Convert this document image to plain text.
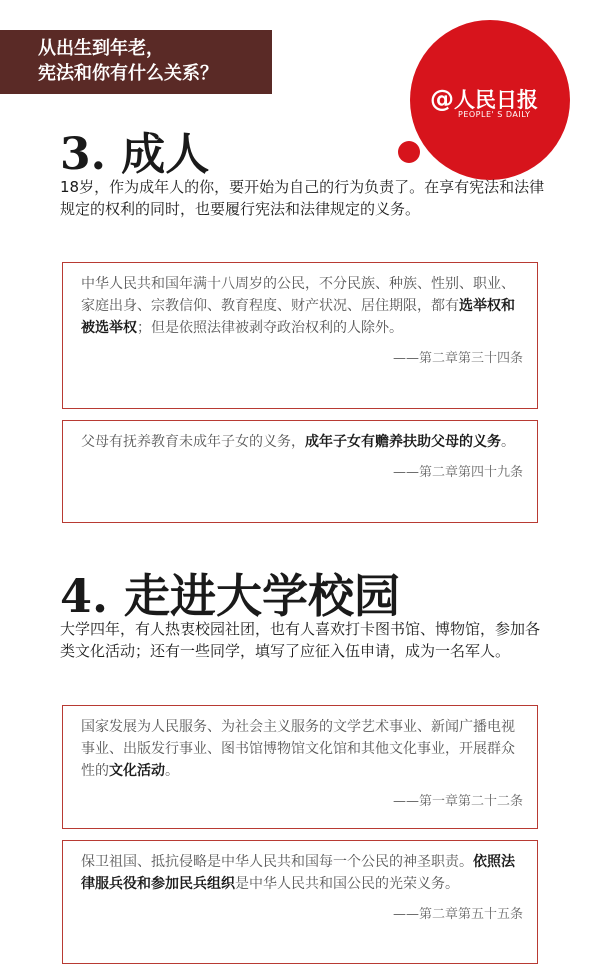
从出生到年老，
宪法和你有什么关系？
@人民日报
PEOPLE' S DAILY
3. 成人
18岁，作为成年人的你，要开始为自己的行为负责了。在享有宪法和法律规定的权利的同时，也要履行宪法和法律规定的义务。
中华人民共和国年满十八周岁的公民，不分民族、种族、性别、职业、家庭出身、宗教信仰、教育程度、财产状况、居住期限，都有选举权和被选举权；但是依照法律被剥夺政治权利的人除外。
——第二章第三十四条
父母有抚养教育未成年子女的义务，成年子女有赡养扶助父母的义务。
——第二章第四十九条
4. 走进大学校园
大学四年，有人热衷校园社团，也有人喜欢打卡图书馆、博物馆，参加各类文化活动；还有一些同学，填写了应征入伍申请，成为一名军人。
国家发展为人民服务、为社会主义服务的文学艺术事业、新闻广播电视事业、出版发行事业、图书馆博物馆文化馆和其他文化事业，开展群众性的文化活动。
——第一章第二十二条
保卫祖国、抵抗侵略是中华人民共和国每一个公民的神圣职责。依照法律服兵役和参加民兵组织是中华人民共和国公民的光荣义务。
——第二章第五十五条
